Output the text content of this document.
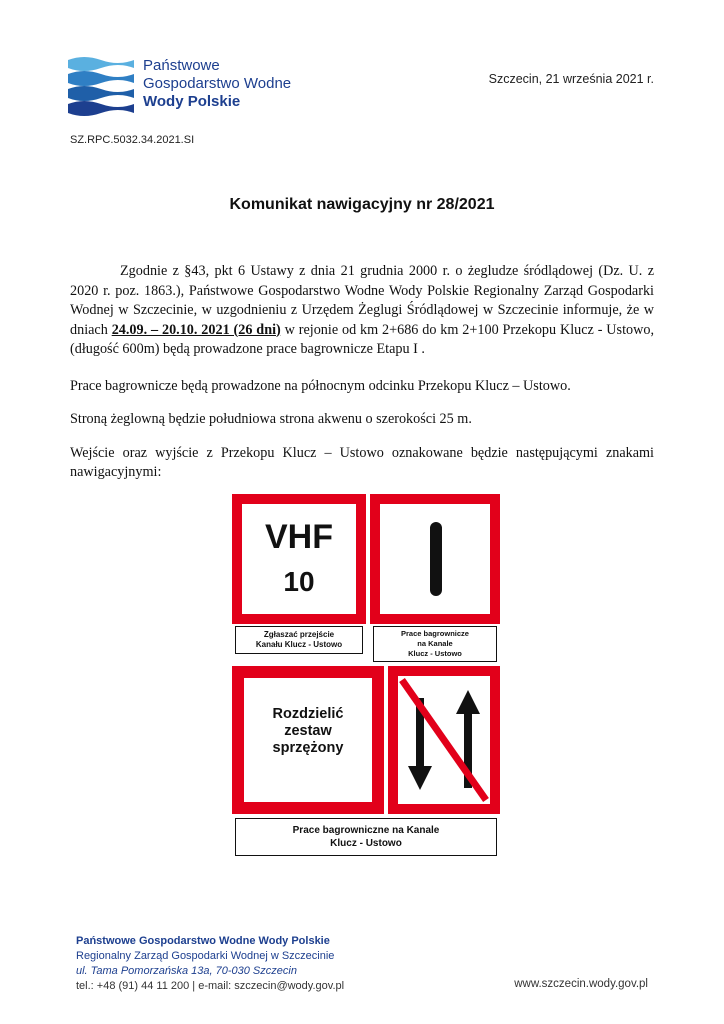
Państwowe
Gospodarstwo Wodne
Wody Polskie
Szczecin, 21 września 2021 r.
SZ.RPC.5032.34.2021.SI
Komunikat nawigacyjny nr 28/2021

Zgodnie z §43, pkt 6 Ustawy z dnia 21 grudnia 2000 r. o żegludze śródlądowej (Dz. U. z 2020 r. poz. 1863.), Państwowe Gospodarstwo Wodne Wody Polskie Regionalny Zarząd Gospodarki Wodnej w Szczecinie, w uzgodnieniu z Urzędem Żeglugi Śródlądowej w Szczecinie informuje, że w dniach 24.09. – 20.10. 2021 (26 dni) w rejonie od km 2+686 do km 2+100 Przekopu Klucz - Ustowo, (długość 600m) będą prowadzone prace bagrownicze Etapu I .

Prace bagrownicze będą prowadzone na północnym odcinku Przekopu Klucz – Ustowo.

Stroną żeglowną będzie południowa strona akwenu o szerokości 25 m.

Wejście oraz wyjście z Przekopu Klucz – Ustowo oznakowane będzie następującymi znakami nawigacyjnymi:

VHF
10
Zgłaszać przejście
Kanału Klucz - Ustowo
Prace bagrownicze
na Kanale
Klucz - Ustowo
Rozdzielić
zestaw
sprzężony
Prace bagrowniczne na Kanale
Klucz - Ustowo
Państwowe Gospodarstwo Wodne Wody Polskie
Regionalny Zarząd Gospodarki Wodnej w Szczecinie
ul. Tama Pomorzańska 13a, 70-030 Szczecin
tel.: +48 (91) 44 11 200 | e-mail: szczecin@wody.gov.pl	www.szczecin.wody.gov.pl
